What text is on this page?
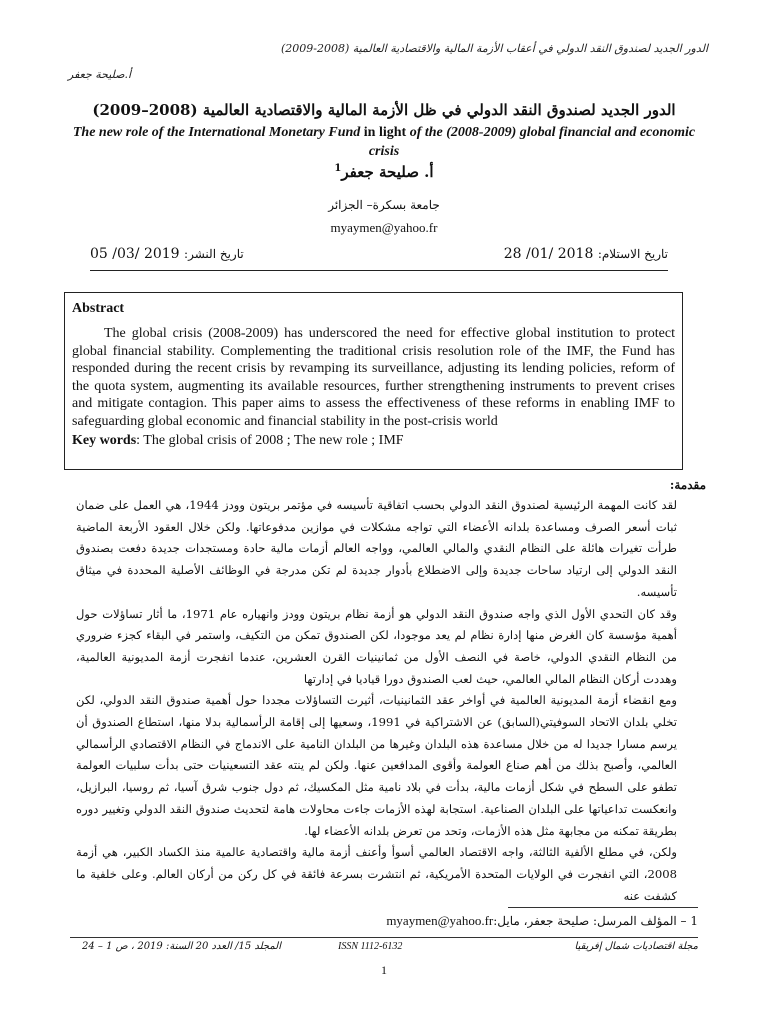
الدور الجديد لصندوق النقد الدولي في أعقاب الأزمة المالية والاقتصادية العالمية (2008-2009)
أ.صليحة جعفر
الدور الجديد لصندوق النقد الدولي في ظل الأزمة المالية والاقتصادية العالمية (2008–2009)
The new role of the International Monetary Fund in light of the (2008-2009) global financial and economic crisis
أ. صليحة جعفر$^1$
جامعة بسكرة– الجزائر
myaymen@yahoo.fr
تاريخ الاستلام: 28 /01/ 2018
تاريخ النشر: 05 /03/ 2019
Abstract
The global crisis (2008-2009) has underscored the need for effective global institution to protect global financial stability. Complementing the traditional crisis resolution role of the IMF, the Fund has responded during the recent crisis by revamping its surveillance, adjusting its lending policies, reform of the quota system, augmenting its available resources, further strengthening instruments to prevent crises and mitigate contagion. This paper aims to assess the effectiveness of these reforms in enabling IMF to safeguarding global economic and financial stability in the post-crisis world
Key words: The global crisis of 2008 ; The new role ; IMF
مقدمة:

لقد كانت المهمة الرئيسية لصندوق النقد الدولي بحسب اتفاقية تأسيسه في مؤتمر بريتون وودز 1944، هي العمل على ضمان ثبات أسعر الصرف ومساعدة بلدانه الأعضاء التي تواجه مشكلات في موازين مدفوعاتها. ولكن خلال العقود الأربعة الماضية طرأت تغيرات هائلة على النظام النقدي والمالي العالمي، وواجه العالم أزمات مالية حادة ومستجدات جديدة دفعت بصندوق النقد الدولي إلى ارتياد ساحات جديدة وإلى الاضطلاع بأدوار جديدة لم تكن مدرجة في الوظائف الأصلية المحددة في ميثاق تأسيسه.

وقد كان التحدي الأول الذي واجه صندوق النقد الدولي هو أزمة نظام بريتون وودز وانهياره عام 1971، ما أثار تساؤلات حول أهمية مؤسسة كان الغرض منها إدارة نظام لم يعد موجودا، لكن الصندوق تمكن من التكيف، واستمر في البقاء كجزء ضروري من النظام النقدي الدولي، خاصة في النصف الأول من ثمانينيات القرن العشرين، عندما انفجرت أزمة المديونية العالمية، وهددت أركان النظام المالي العالمي، حيث لعب الصندوق دورا قياديا في إدارتها

ومع انقضاء أزمة المديونية العالمية في أواخر عقد الثمانينيات، أثيرت التساؤلات مجددا حول أهمية صندوق النقد الدولي، لكن تخلي بلدان الاتحاد السوفيتي(السابق) عن الاشتراكية في 1991، وسعيها إلى إقامة الرأسمالية بدلا منها، استطاع الصندوق أن يرسم مسارا جديدا له من خلال مساعدة هذه البلدان وغيرها من البلدان النامية على الاندماج في النظام الاقتصادي الرأسمالي العالمي، وأصبح بذلك من أهم صناع العولمة وأقوى المدافعين عنها. ولكن لم ينته عقد التسعينيات حتى بدأت سلبيات العولمة تطفو على السطح في شكل أزمات مالية، بدأت في بلاد نامية مثل المكسيك، ثم دول جنوب شرق آسيا، ثم روسيا، البرازيل، وانعكست تداعياتها على البلدان الصناعية. استجابة لهذه الأزمات جاءت محاولات هامة لتحديث صندوق النقد الدولي وتغيير دوره بطريقة تمكنه من مجابهة مثل هذه الأزمات، وتحد من تعرض بلدانه الأعضاء لها.

ولكن، في مطلع الألفية الثالثة، واجه الاقتصاد العالمي أسوأ وأعنف أزمة مالية واقتصادية عالمية منذ الكساد الكبير، هي أزمة 2008، التي انفجرت في الولايات المتحدة الأمريكية، ثم انتشرت بسرعة فائقة في كل ركن من أركان العالم. وعلى خلفية ما كشفت عنه

1 – المؤلف المرسل: صليحة جعفر، مايل:myaymen@yahoo.fr
مجلة اقتصاديات شمال إفريقيا
ISSN 1112-6132
المجلد 15/ العدد 20 السنة: 2019 ، ص 1 – 24
1
